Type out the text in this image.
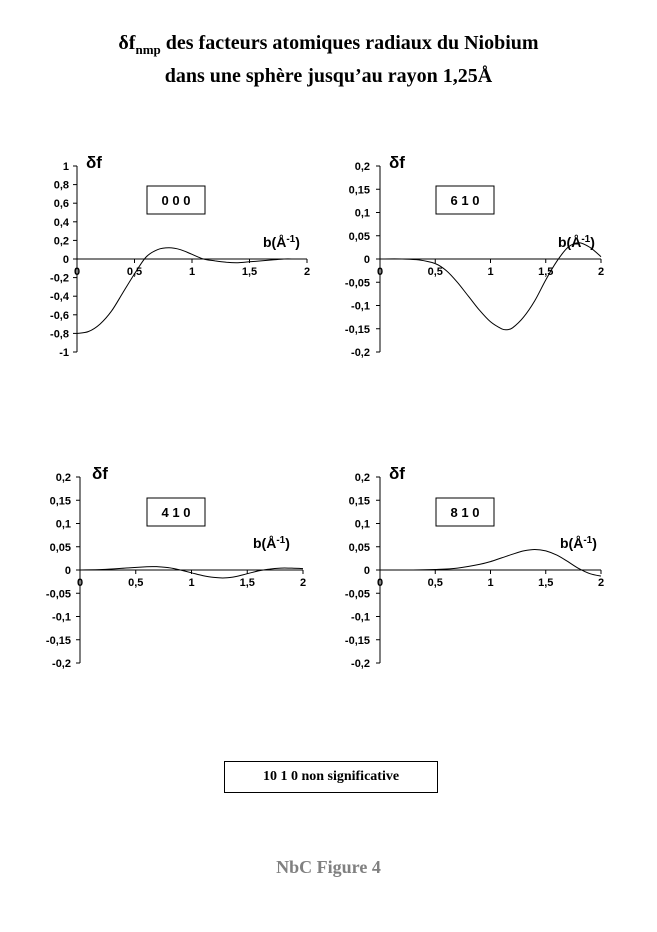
$\delta f_{nmp}$ des facteurs atomiques radiaux du Niobium
dans une sphère jusqu’au rayon 1,25Å
1
0,8
0,6
0,4
0,2
0
-0,2
-0,4
-0,6
-0,8
-1
0	0,5	1	1,5	2
δf
$b(Å^{-1})$
0 0 0
0,2
0,15
0,1
0,05
0
-0,05
-0,1
-0,15
-0,2
0	0,5	1	1,5	2
δf
$b(Å^{-1})$
6 1 0
0,2
0,15
0,1
0,05
0
-0,05
-0,1
-0,15
-0,2
0	0,5	1	1,5	2
δf
$b(Å^{-1})$
4 1 0
0,2
0,15
0,1
0,05
0
-0,05
-0,1
-0,15
-0,2
0	0,5	1	1,5	2
δf
$b(Å^{-1})$
8 1 0
10 1 0 non significative
NbC Figure 4
